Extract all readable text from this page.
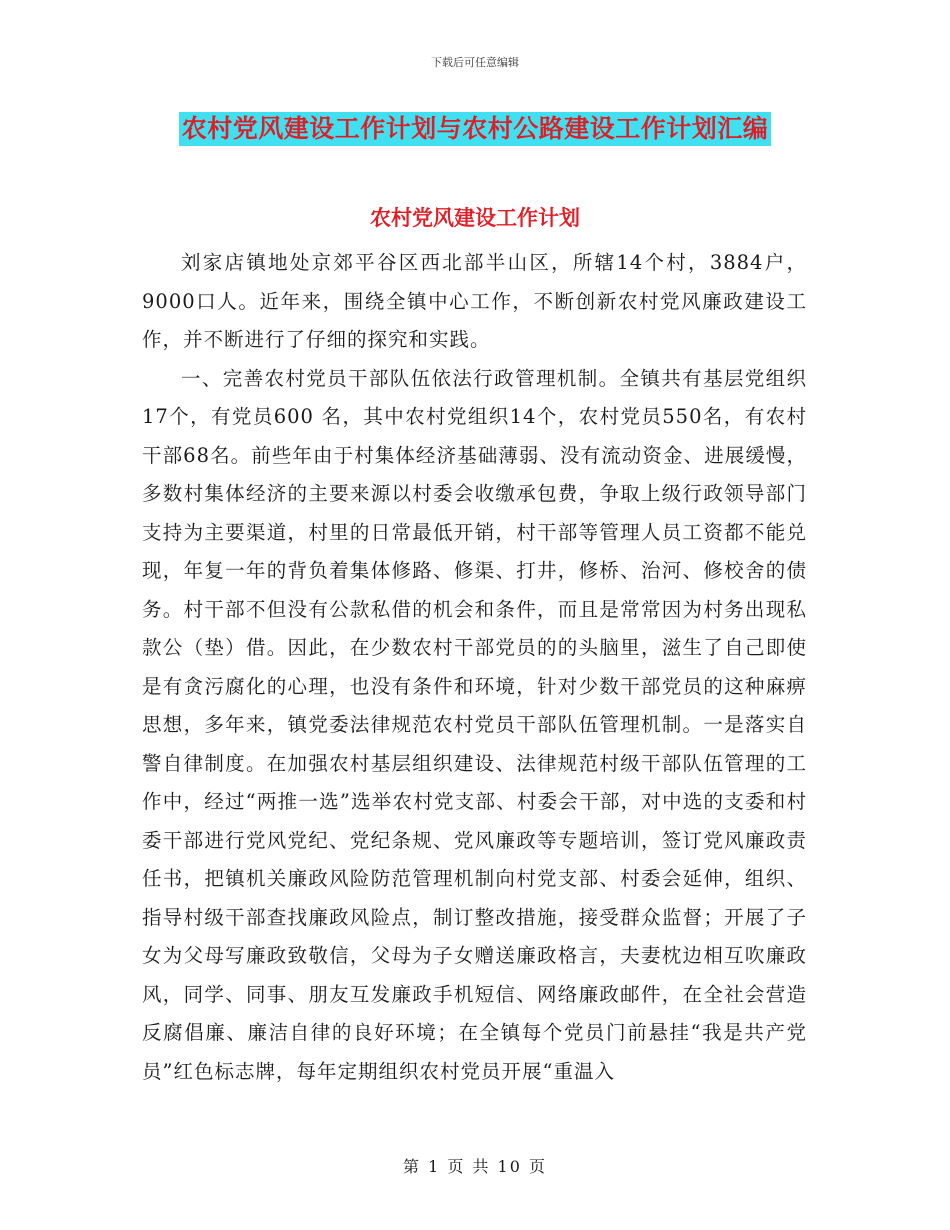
下载后可任意编辑
农村党风建设工作计划与农村公路建设工作计划汇编
农村党风建设工作计划

刘家店镇地处京郊平谷区西北部半山区，所辖14个村，3884户，9000口人。近年来，围绕全镇中心工作，不断创新农村党风廉政建设工作，并不断进行了仔细的探究和实践。

一、完善农村党员干部队伍依法行政管理机制。全镇共有基层党组织17个，有党员600 名，其中农村党组织14个，农村党员550名，有农村干部68名。前些年由于村集体经济基础薄弱、没有流动资金、进展缓慢，多数村集体经济的主要来源以村委会收缴承包费，争取上级行政领导部门支持为主要渠道，村里的日常最低开销，村干部等管理人员工资都不能兑现，年复一年的背负着集体修路、修渠、打井，修桥、治河、修校舍的债务。村干部不但没有公款私借的机会和条件，而且是常常因为村务出现私款公（垫）借。因此，在少数农村干部党员的的头脑里，滋生了自己即使是有贪污腐化的心理，也没有条件和环境，针对少数干部党员的这种麻痹思想，多年来，镇党委法律规范农村党员干部队伍管理机制。一是落实自警自律制度。在加强农村基层组织建设、法律规范村级干部队伍管理的工作中，经过“两推一选”选举农村党支部、村委会干部，对中选的支委和村委干部进行党风党纪、党纪条规、党风廉政等专题培训，签订党风廉政责任书，把镇机关廉政风险防范管理机制向村党支部、村委会延伸，组织、指导村级干部查找廉政风险点，制订整改措施，接受群众监督；开展了子女为父母写廉政致敬信，父母为子女赠送廉政格言，夫妻枕边相互吹廉政风，同学、同事、朋友互发廉政手机短信、网络廉政邮件，在全社会营造反腐倡廉、廉洁自律的良好环境；在全镇每个党员门前悬挂“我是共产党员”红色标志牌，每年定期组织农村党员开展“重温入

第 1 页 共 10 页
